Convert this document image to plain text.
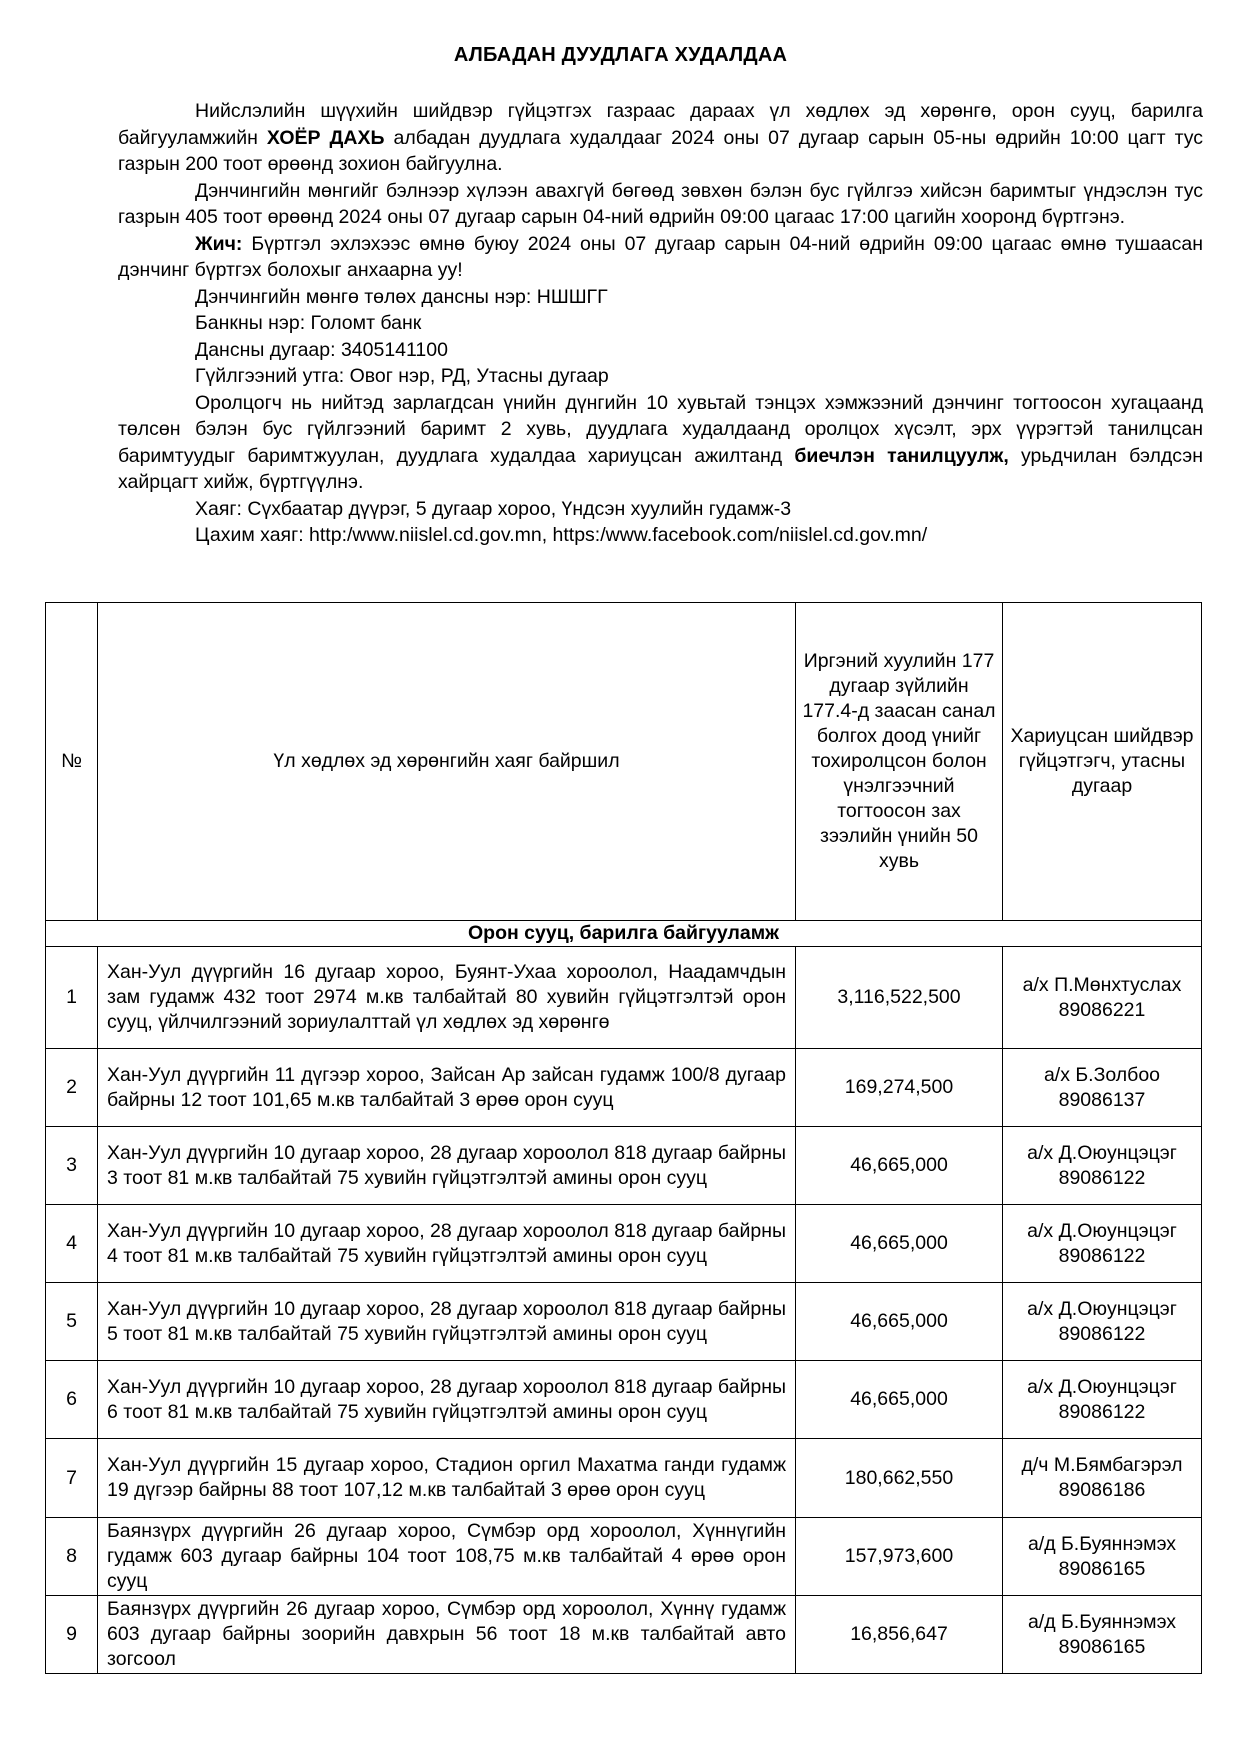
АЛБАДАН ДУУДЛАГА ХУДАЛДАА

Нийслэлийн шүүхийн шийдвэр гүйцэтгэх газраас дараах үл хөдлөх эд хөрөнгө, орон сууц, барилга байгууламжийн ХОЁР ДАХЬ албадан дуудлага худалдааг 2024 оны 07 дугаар сарын 05-ны өдрийн 10:00 цагт тус газрын 200 тоот өрөөнд зохион байгуулна.

Дэнчингийн мөнгийг бэлнээр хүлээн авахгүй бөгөөд зөвхөн бэлэн бус гүйлгээ хийсэн баримтыг үндэслэн тус газрын 405 тоот өрөөнд 2024 оны 07 дугаар сарын 04-ний өдрийн 09:00 цагаас 17:00 цагийн хооронд бүртгэнэ.

Жич: Бүртгэл эхлэхээс өмнө буюу 2024 оны 07 дугаар сарын 04-ний өдрийн 09:00 цагаас өмнө тушаасан дэнчинг бүртгэх болохыг анхаарна уу!

Дэнчингийн мөнгө төлөх дансны нэр: НШШГГ

Банкны нэр: Голомт банк

Дансны дугаар: 3405141100

Гүйлгээний утга: Овог нэр, РД, Утасны дугаар

Оролцогч нь нийтэд зарлагдсан үнийн дүнгийн 10 хувьтай тэнцэх хэмжээний дэнчинг тогтоосон хугацаанд төлсөн бэлэн бус гүйлгээний баримт 2 хувь, дуудлага худалдаанд оролцох хүсэлт, эрх үүрэгтэй танилцсан баримтуудыг баримтжуулан, дуудлага худалдаа хариуцсан ажилтанд биечлэн танилцуулж, урьдчилан бэлдсэн хайрцагт хийж, бүртгүүлнэ.

Хаяг: Сүхбаатар дүүрэг, 5 дугаар хороо, Үндсэн хуулийн гудамж-3

Цахим хаяг: http:/www.niislel.cd.gov.mn, https:/www.facebook.com/niislel.cd.gov.mn/

№	Үл хөдлөх эд хөрөнгийн хаяг байршил	Иргэний хуулийн 177 дугаар зүйлийн 177.4-д заасан санал болгох доод үнийг тохиролцсон болон үнэлгээчний тогтоосон зах зээлийн үнийн 50 хувь	Хариуцсан шийдвэр гүйцэтгэгч, утасны дугаар
Орон сууц, барилга байгууламж			
1	Хан-Уул дүүргийн 16 дугаар хороо, Буянт-Ухаа хороолол, Наадамчдын зам гудамж 432 тоот 2974 м.кв талбайтай 80 хувийн гүйцэтгэлтэй орон сууц, үйлчилгээний зориулалттай үл хөдлөх эд хөрөнгө	3,116,522,500	а/х П.Мөнхтуслах
89086221

2	Хан-Уул дүүргийн 11 дүгээр хороо, Зайсан Ар зайсан гудамж 100/8 дугаар байрны 12 тоот 101,65 м.кв талбайтай 3 өрөө орон сууц	169,274,500	а/х Б.Золбоо
89086137

3	Хан-Уул дүүргийн 10 дугаар хороо, 28 дугаар хороолол 818 дугаар байрны 3 тоот 81 м.кв талбайтай 75 хувийн гүйцэтгэлтэй амины орон сууц	46,665,000	а/х Д.Оюунцэцэг
89086122

4	Хан-Уул дүүргийн 10 дугаар хороо, 28 дугаар хороолол 818 дугаар байрны 4 тоот 81 м.кв талбайтай 75 хувийн гүйцэтгэлтэй амины орон сууц	46,665,000	а/х Д.Оюунцэцэг
89086122

5	Хан-Уул дүүргийн 10 дугаар хороо, 28 дугаар хороолол 818 дугаар байрны 5 тоот 81 м.кв талбайтай 75 хувийн гүйцэтгэлтэй амины орон сууц	46,665,000	а/х Д.Оюунцэцэг
89086122

6	Хан-Уул дүүргийн 10 дугаар хороо, 28 дугаар хороолол 818 дугаар байрны 6 тоот 81 м.кв талбайтай 75 хувийн гүйцэтгэлтэй амины орон сууц	46,665,000	а/х Д.Оюунцэцэг
89086122

7	Хан-Уул дүүргийн 15 дугаар хороо, Стадион оргил Махатма ганди гудамж 19 дүгээр байрны 88 тоот 107,12 м.кв талбайтай 3 өрөө орон сууц	180,662,550	д/ч М.Бямбагэрэл
89086186

8	Баянзүрх дүүргийн 26 дугаар хороо, Сүмбэр орд хороолол, Хүннүгийн гудамж 603 дугаар байрны 104 тоот 108,75 м.кв талбайтай 4 өрөө орон сууц	157,973,600	а/д Б.Буяннэмэх
89086165

9	Баянзүрх дүүргийн 26 дугаар хороо, Сүмбэр орд хороолол, Хүннү гудамж 603 дугаар байрны зоорийн давхрын 56 тоот 18 м.кв талбайтай авто зогсоол	16,856,647	а/д Б.Буяннэмэх
89086165
